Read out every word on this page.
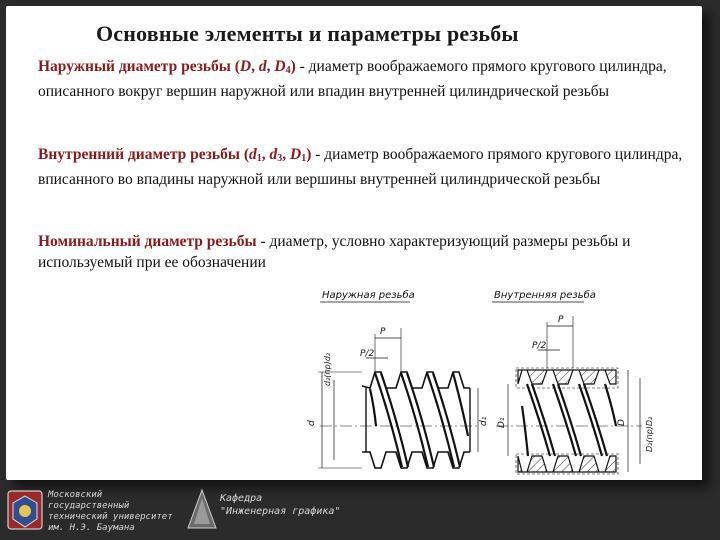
Основные элементы и параметры резьбы
Наружный диаметр резьбы (D, d, $D_4$) - диаметр воображаемого прямого кругового цилиндра, описанного вокруг вершин наружной или впадин внутренней цилиндрической резьбы
Внутренний диаметр резьбы ($d_1$, $d_3$, $D_1$) - диаметр воображаемого прямого кругового цилиндра, вписанного во впадины наружной или вершины внутренней цилиндрической резьбы
Номинальный диаметр резьбы - диаметр, условно характеризующий размеры резьбы и используемый при ее обозначении
Наружная резьба	Внутренняя резьба
P
P/2
d
d₂(пр)d₂
d₁
P
P/2
D₁	D D₂(пр)D₂
Московский государственный
технический университет
им. Н.Э. Баумана
Кафедра
"Инженерная графика"
